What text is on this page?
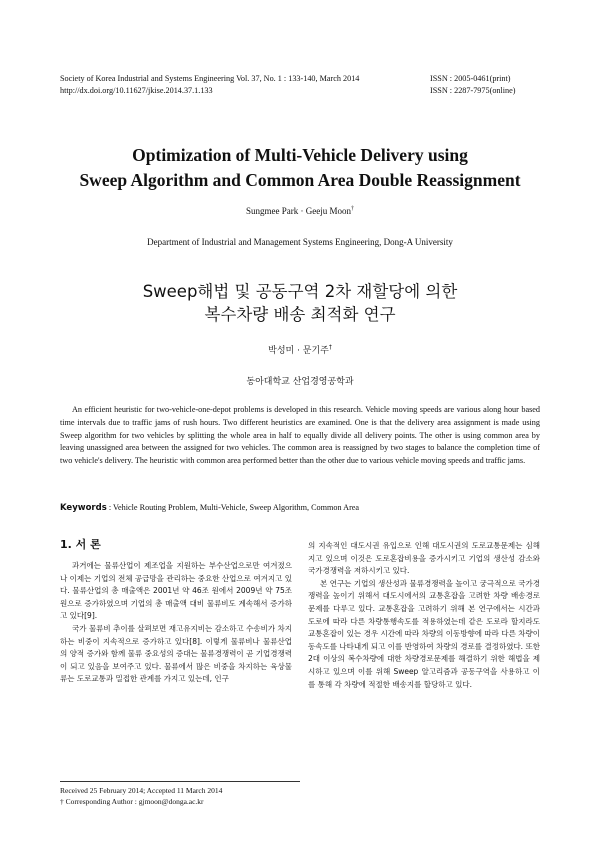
Society of Korea Industrial and Systems Engineering Vol. 37, No. 1 : 133-140, March 2014	ISSN : 2005-0461(print)
http://dx.doi.org/10.11627/jkise.2014.37.1.133	ISSN : 2287-7975(online)
Optimization of Multi-Vehicle Delivery using
Sweep Algorithm and Common Area Double Reassignment
Sungmee Park · Geeju Moon†
Department of Industrial and Management Systems Engineering, Dong-A University
Sweep해법 및 공동구역 2차 재할당에 의한
복수차량 배송 최적화 연구
박성미 · 문기주†
동아대학교 산업경영공학과
An efficient heuristic for two-vehicle-one-depot problems is developed in this research. Vehicle moving speeds are various along hour based time intervals due to traffic jams of rush hours. Two different heuristics are examined. One is that the delivery area assignment is made using Sweep algorithm for two vehicles by splitting the whole area in half to equally divide all delivery points. The other is using common area by leaving unassigned area between the assigned for two vehicles. The common area is reassigned by two stages to balance the completion time of two vehicle's delivery. The heuristic with common area performed better than the other due to various vehicle moving speeds and traffic jams.
Keywords : Vehicle Routing Problem, Multi-Vehicle, Sweep Algorithm, Common Area
1. 서 론

과거에는 물류산업이 제조업을 지원하는 부수산업으로만 여겨졌으나 이제는 기업의 전체 공급망을 관리하는 중요한 산업으로 여겨지고 있다. 물류산업의 총 매출액은 2001년 약 46조 원에서 2009년 약 75조 원으로 증가하였으며 기업의 총 매출액 대비 물류비도 계속해서 증가하고 있다[9].

국가 물류비 추이를 살펴보면 재고유지비는 감소하고 수송비가 차지하는 비중이 지속적으로 증가하고 있다[8]. 이렇게 물류비나 물류산업의 양적 증가와 함께 물류 중요성의 증대는 물류경쟁력이 곧 기업경쟁력이 되고 있음을 보여주고 있다. 물류에서 많은 비중을 차지하는 육상물류는 도로교통과 밀접한 관계를 가지고 있는데, 인구

의 지속적인 대도시권 유입으로 인해 대도시권의 도로교통문제는 심해지고 있으며 이것은 도로혼잡비용을 증가시키고 기업의 생산성 감소와 국가경쟁력을 저하시키고 있다.

본 연구는 기업의 생산성과 물류경쟁력을 높이고 궁극적으로 국가경쟁력을 높이기 위해서 대도시에서의 교통혼잡을 고려한 차량 배송경로 문제를 다루고 있다. 교통혼잡을 고려하기 위해 본 연구에서는 시간과 도로에 따라 다른 차량통행속도를 적용하였는데 같은 도로라 할지라도 교통혼잡이 있는 경우 시간에 따라 차량의 이동방향에 따라 다른 차량이동속도를 나타내게 되고 이를 반영하여 차량의 경로를 결정하였다. 또한 2대 이상의 복수차량에 대한 차량경로문제를 해결하기 위한 해법을 제시하고 있으며 이를 위해 Sweep 알고리즘과 공동구역을 사용하고 이를 통해 각 차량에 적절한 배송지를 할당하고 있다.

Received 25 February 2014; Accepted 11 March 2014
† Corresponding Author : gjmoon@donga.ac.kr
